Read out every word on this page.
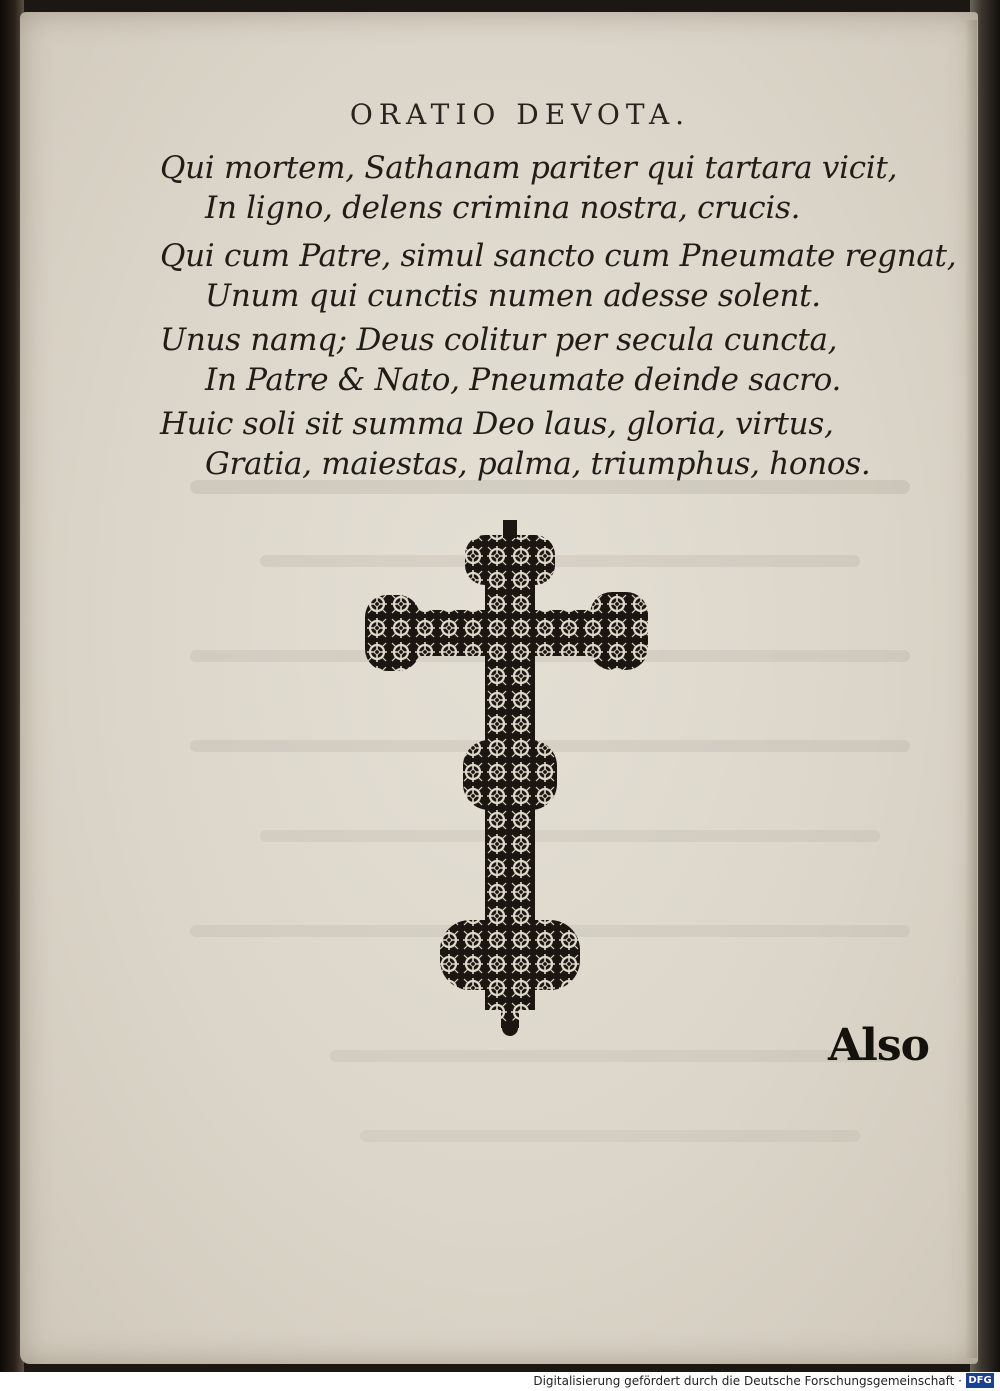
ORATIO DEVOTA.
Qui mortem, Sathanam pariter qui tartara vicit,
In ligno, delens crimina nostra, crucis.
Qui cum Patre, simul sancto cum Pneumate regnat,
Unum qui cunctis numen adesse solent.
Unus namq; Deus colitur per secula cuncta,
In Patre & Nato, Pneumate deinde sacro.
Huic soli sit summa Deo laus, gloria, virtus,
Gratia, maiestas, palma, triumphus, honos.
Also
Digitalisierung gefördert durch die Deutsche Forschungsgemeinschaft · DFG
